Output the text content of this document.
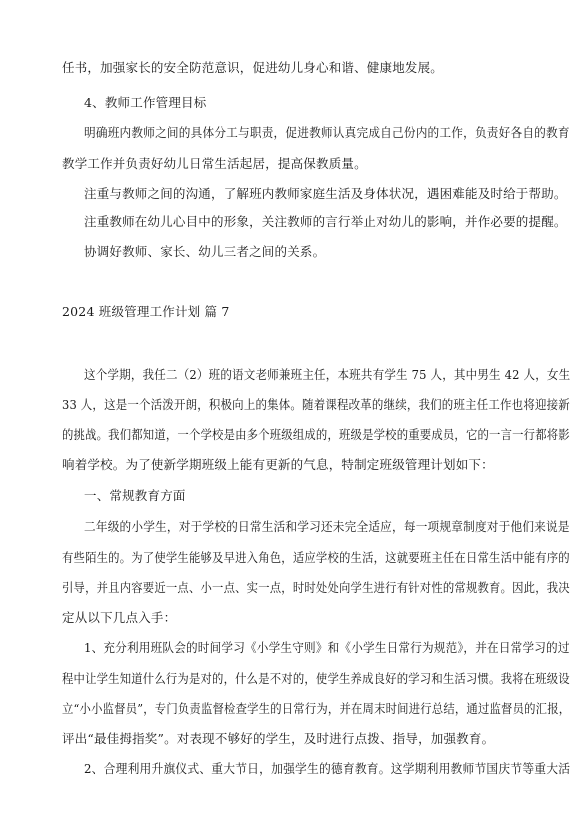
任书，加强家长的安全防范意识，促进幼儿身心和谐、健康地发展。
4、教师工作管理目标
明确班内教师之间的具体分工与职责，促进教师认真完成自己份内的工作，负责好各自的教育
教学工作并负责好幼儿日常生活起居，提高保教质量。
注重与教师之间的沟通，了解班内教师家庭生活及身体状况，遇困难能及时给于帮助。
注重教师在幼儿心目中的形象，关注教师的言行举止对幼儿的影响，并作必要的提醒。
协调好教师、家长、幼儿三者之间的关系。
2024 班级管理工作计划 篇 7
这个学期，我任二（2）班的语文老师兼班主任，本班共有学生 75 人，其中男生 42 人，女生
33 人，这是一个活泼开朗，积极向上的集体。随着课程改革的继续，我们的班主任工作也将迎接新
的挑战。我们都知道，一个学校是由多个班级组成的，班级是学校的重要成员，它的一言一行都将影
响着学校。为了使新学期班级上能有更新的气息，特制定班级管理计划如下：
一、常规教育方面
二年级的小学生，对于学校的日常生活和学习还未完全适应，每一项规章制度对于他们来说是
有些陌生的。为了使学生能够及早进入角色，适应学校的生活，这就要班主任在日常生活中能有序的
引导，并且内容要近一点、小一点、实一点，时时处处向学生进行有针对性的常规教育。因此，我决
定从以下几点入手：
1、充分利用班队会的时间学习《小学生守则》和《小学生日常行为规范》，并在日常学习的过
程中让学生知道什么行为是对的，什么是不对的，使学生养成良好的学习和生活习惯。我将在班级设
立“小小监督员”，专门负责监督检查学生的日常行为，并在周末时间进行总结，通过监督员的汇报，
评出“最佳拇指奖”。对表现不够好的学生，及时进行点拨、指导，加强教育。
2、合理利用升旗仪式、重大节日，加强学生的德育教育。这学期利用教师节国庆节等重大活
